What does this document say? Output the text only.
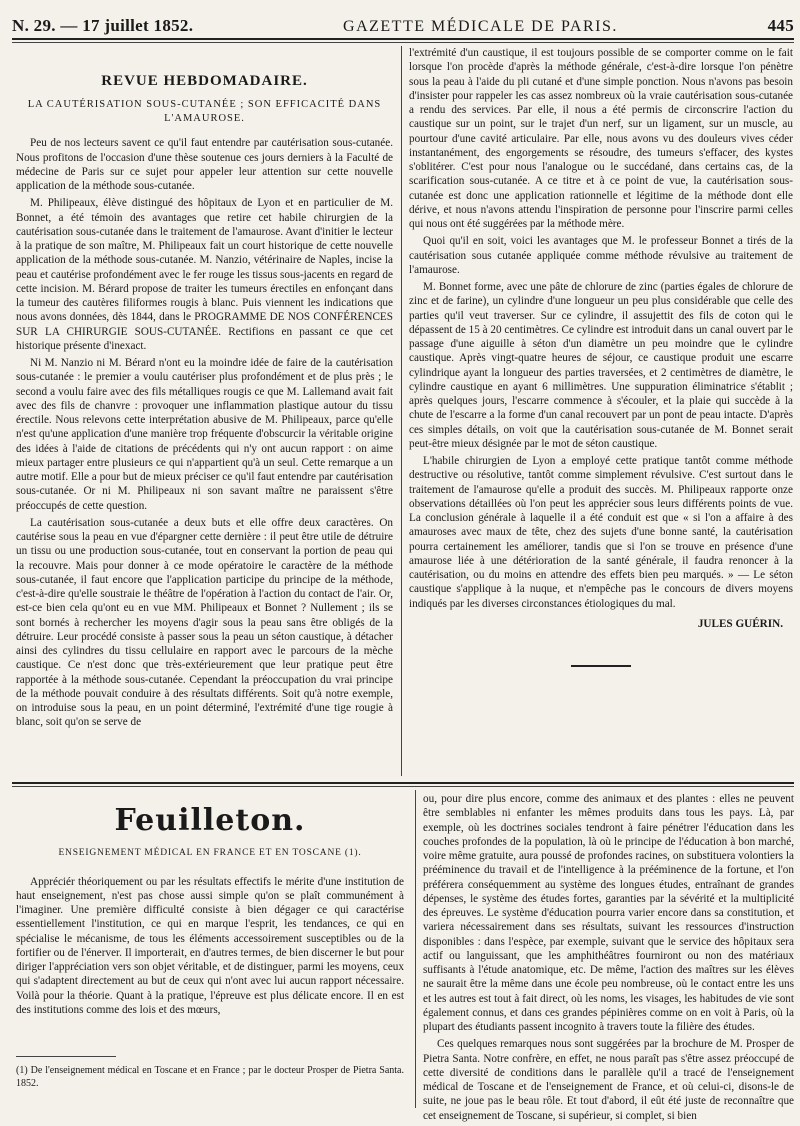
N. 29. — 17 juillet 1852.	GAZETTE MÉDICALE DE PARIS.	445
REVUE HEBDOMADAIRE.
LA CAUTÉRISATION SOUS-CUTANÉE ; SON EFFICACITÉ DANS L'AMAUROSE.

Peu de nos lecteurs savent ce qu'il faut entendre par cautérisation sous-cutanée. Nous profitons de l'occasion d'une thèse soutenue ces jours derniers à la Faculté de médecine de Paris sur ce sujet pour appeler leur attention sur cette nouvelle application de la méthode sous-cutanée.

M. Philipeaux, élève distingué des hôpitaux de Lyon et en particulier de M. Bonnet, a été témoin des avantages que retire cet habile chirurgien de la cautérisation sous-cutanée dans le traitement de l'amaurose. Avant d'initier le lecteur à la pratique de son maître, M. Philipeaux fait un court historique de cette nouvelle application de la méthode sous-cutanée. M. Nanzio, vétérinaire de Naples, incise la peau et cautérise profondément avec le fer rouge les tissus sous-jacents en regard de cette incision. M. Bérard propose de traiter les tumeurs érectiles en enfonçant dans la tumeur des cautères filiformes rougis à blanc. Puis viennent les indications que nous avons données, dès 1844, dans le PROGRAMME DE NOS CONFÉRENCES SUR LA CHIRURGIE SOUS-CUTANÉE. Rectifions en passant ce que cet historique présente d'inexact.

Ni M. Nanzio ni M. Bérard n'ont eu la moindre idée de faire de la cautérisation sous-cutanée : le premier a voulu cautériser plus profondément et de plus près ; le second a voulu faire avec des fils métalliques rougis ce que M. Lallemand avait fait avec des fils de chanvre : provoquer une inflammation plastique autour du tissu érectile. Nous relevons cette interprétation abusive de M. Philipeaux, parce qu'elle n'est qu'une application d'une manière trop fréquente d'obscurcir la véritable origine des idées à l'aide de citations de précédents qui n'y ont aucun rapport : on aime mieux partager entre plusieurs ce qui n'appartient qu'à un seul. Cette remarque a un autre motif. Elle a pour but de mieux préciser ce qu'il faut entendre par cautérisation sous-cutanée. Or ni M. Philipeaux ni son savant maître ne paraissent s'être préoccupés de cette question.

La cautérisation sous-cutanée a deux buts et elle offre deux caractères. On cautérise sous la peau en vue d'épargner cette dernière : il peut être utile de détruire un tissu ou une production sous-cutanée, tout en conservant la portion de peau qui la recouvre. Mais pour donner à ce mode opératoire le caractère de la méthode sous-cutanée, il faut encore que l'application participe du principe de la méthode, c'est-à-dire qu'elle soustraie le théâtre de l'opération à l'action du contact de l'air. Or, est-ce bien cela qu'ont eu en vue MM. Philipeaux et Bonnet ? Nullement ; ils se sont bornés à rechercher les moyens d'agir sous la peau sans être obligés de la détruire. Leur procédé consiste à passer sous la peau un séton caustique, à détacher ainsi des cylindres du tissu cellulaire en rapport avec le parcours de la mèche caustique. Ce n'est donc que très-extérieurement que leur pratique peut être rapportée à la méthode sous-cutanée. Cependant la préoccupation du vrai principe de la méthode pouvait conduire à des résultats différents. Soit qu'à notre exemple, on introduise sous la peau, en un point déterminé, l'extrémité d'une tige rougie à blanc, soit qu'on se serve de

l'extrémité d'un caustique, il est toujours possible de se comporter comme on le fait lorsque l'on procède d'après la méthode générale, c'est-à-dire lorsque l'on pénètre sous la peau à l'aide du pli cutané et d'une simple ponction. Nous n'avons pas besoin d'insister pour rappeler les cas assez nombreux où la vraie cautérisation sous-cutanée a rendu des services. Par elle, il nous a été permis de circonscrire l'action du caustique sur un point, sur le trajet d'un nerf, sur un ligament, sur un muscle, au pourtour d'une cavité articulaire. Par elle, nous avons vu des douleurs vives céder instantanément, des engorgements se résoudre, des tumeurs s'effacer, des kystes s'oblitérer. C'est pour nous l'analogue ou le succédané, dans certains cas, de la scarification sous-cutanée. A ce titre et à ce point de vue, la cautérisation sous-cutanée est donc une application rationnelle et légitime de la méthode dont elle dérive, et nous n'avons attendu l'inspiration de personne pour l'inscrire parmi celles qui nous ont été suggérées par la méthode mère.

Quoi qu'il en soit, voici les avantages que M. le professeur Bonnet a tirés de la cautérisation sous cutanée appliquée comme méthode révulsive au traitement de l'amaurose.

M. Bonnet forme, avec une pâte de chlorure de zinc (parties égales de chlorure de zinc et de farine), un cylindre d'une longueur un peu plus considérable que celle des parties qu'il veut traverser. Sur ce cylindre, il assujettit des fils de coton qui le dépassent de 15 à 20 centimètres. Ce cylindre est introduit dans un canal ouvert par le passage d'une aiguille à séton d'un diamètre un peu moindre que le cylindre caustique. Après vingt-quatre heures de séjour, ce caustique produit une escarre cylindrique ayant la longueur des parties traversées, et 2 centimètres de diamètre, le cylindre caustique en ayant 6 millimètres. Une suppuration éliminatrice s'établit ; après quelques jours, l'escarre commence à s'écouler, et la plaie qui succède à la chute de l'escarre a la forme d'un canal recouvert par un pont de peau intacte. D'après ces simples détails, on voit que la cautérisation sous-cutanée de M. Bonnet serait peut-être mieux désignée par le mot de séton caustique.

L'habile chirurgien de Lyon a employé cette pratique tantôt comme méthode destructive ou résolutive, tantôt comme simplement révulsive. C'est surtout dans le traitement de l'amaurose qu'elle a produit des succès. M. Philipeaux rapporte onze observations détaillées où l'on peut les apprécier sous leurs différents points de vue. La conclusion générale à laquelle il a été conduit est que « si l'on a affaire à des amauroses avec maux de tête, chez des sujets d'une bonne santé, la cautérisation pourra certainement les améliorer, tandis que si l'on se trouve en présence d'une amaurose liée à une détérioration de la santé générale, il faudra renoncer à la cautérisation, ou du moins en attendre des effets bien peu marqués. » — Le séton caustique s'applique à la nuque, et n'empêche pas le concours de divers moyens indiqués par les diverses circonstances étiologiques du mal.

JULES GUÉRIN.
Feuilleton.
ENSEIGNEMENT MÉDICAL EN FRANCE ET EN TOSCANE (1).

Appréciér théoriquement ou par les résultats effectifs le mérite d'une institution de haut enseignement, n'est pas chose aussi simple qu'on se plaît communément à l'imaginer. Une première difficulté consiste à bien dégager ce qui caractérise essentiellement l'institution, ce qui en marque l'esprit, les tendances, ce qui en spécialise le mécanisme, de tous les éléments accessoirement susceptibles ou de la fortifier ou de l'énerver. Il importerait, en d'autres termes, de bien discerner le but pour diriger l'appréciation vers son objet véritable, et de distinguer, parmi les moyens, ceux qui s'adaptent directement au but de ceux qui n'ont avec lui aucun rapport nécessaire. Voilà pour la théorie. Quant à la pratique, l'épreuve est plus délicate encore. Il en est des institutions comme des lois et des mœurs,

ou, pour dire plus encore, comme des animaux et des plantes : elles ne peuvent être semblables ni enfanter les mêmes produits dans tous les pays. Là, par exemple, où les doctrines sociales tendront à faire pénétrer l'éducation dans les couches profondes de la population, là où le principe de l'éducation à bon marché, voire même gratuite, aura poussé de profondes racines, on substituera volontiers la prééminence du travail et de l'intelligence à la prééminence de la fortune, et l'on préférera conséquemment au système des longues études, entraînant de grandes dépenses, le système des études fortes, garanties par la sévérité et la multiplicité des épreuves. Le système d'éducation pourra varier encore dans sa constitution, et variera nécessairement dans ses résultats, suivant les ressources d'instruction disponibles : dans l'espèce, par exemple, suivant que le service des hôpitaux sera actif ou languissant, que les amphithéâtres fourniront ou non des matériaux suffisants à l'étude anatomique, etc. De même, l'action des maîtres sur les élèves ne saurait être la même dans une école peu nombreuse, où le contact entre les uns et les autres est tout à fait direct, où les noms, les visages, les habitudes de vie sont également connus, et dans ces grandes pépinières comme on en voit à Paris, où la plupart des étudiants passent incognito à travers toute la filière des études.

Ces quelques remarques nous sont suggérées par la brochure de M. Prosper de Pietra Santa. Notre confrère, en effet, ne nous paraît pas s'être assez préoccupé de cette diversité de conditions dans le parallèle qu'il a tracé de l'enseignement médical de Toscane et de l'enseignement de France, et où celui-ci, disons-le de suite, ne joue pas le beau rôle. Et tout d'abord, il eût été juste de reconnaître que cet enseignement de Toscane, si supérieur, si complet, si bien

(1) De l'enseignement médical en Toscane et en France ; par le docteur Prosper de Pietra Santa. 1852.
